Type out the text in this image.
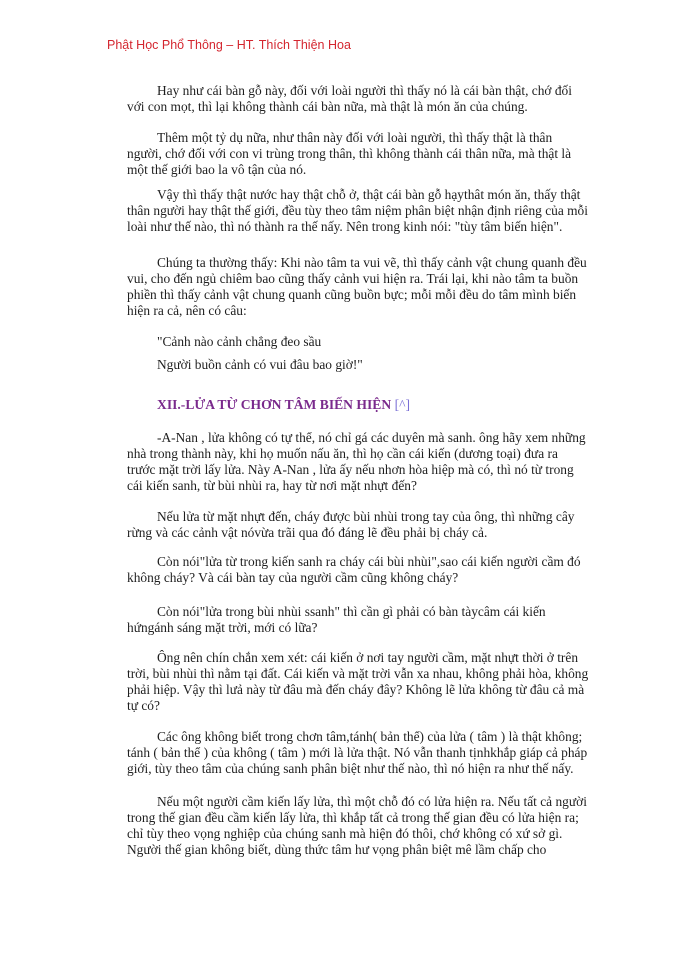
Phật Học Phổ Thông – HT. Thích Thiện Hoa
Hay như cái bàn gỗ này, đối với loài người thì thấy nó là cái bàn thật, chớ đối
với con mọt, thì lại không thành cái bàn nữa, mà thật là món ăn của chúng.
Thêm một tỷ dụ nữa, như thân này đối với loài người, thì thấy thật là thân
người, chớ đối với con vi trùng trong thân, thì không thành cái thân nữa, mà thật là
một thế giới bao la vô tận của nó.
Vậy thì thấy thật nước hay thật chỗ ở, thật cái bàn gỗ hạythât món ăn, thấy thật
thân người hay thật thế giới, đều tùy theo tâm niệm phân biệt nhận định riêng của mỗi
loài như thế nào, thì nó thành ra thế nấy. Nên trong kinh nói: "tùy tâm biến hiện".
Chúng ta thường thấy: Khi nào tâm ta vui vẽ, thì thấy cảnh vật chung quanh đều
vui, cho đến ngủ chiêm bao cũng thấy cảnh vui hiện ra. Trái lại, khi nào tâm ta buồn
phiền thì thấy cảnh vật chung quanh cũng buồn bực; mỗi mỗi đều do tâm mình biến
hiện ra cả, nên có câu:
"Cảnh nào cảnh chẳng đeo sầu
Người buồn cảnh có vui đâu bao giờ!"
XII.-LỬA TỪ CHƠN TÂM BIẾN HIỆN [^]
-A-Nan , lửa không có tự thể, nó chỉ gá các duyên mà sanh. ông hãy xem những
nhà trong thành này, khi họ muốn nấu ăn, thì họ cần cái kiến (dương toại) đưa ra
trước mặt trời lấy lửa. Này A-Nan , lửa ấy nếu nhơn hòa hiệp mà có, thì nó từ trong
cái kiến sanh, từ bùi nhùi ra, hay từ nơi mặt nhựt đến?
Nếu lửa từ mặt nhựt đến, cháy được bùi nhùi trong tay của ông, thì những cây
rừng và các cảnh vật nóvừa trãi qua đó đáng lẽ đều phải bị cháy cả.
Còn nói"lửa từ trong kiến sanh ra cháy cái bùi nhùi",sao cái kiến người cầm đó
không cháy? Và cái bàn tay của người cầm cũng không cháy?
Còn nói"lửa trong bùi nhùi ssanh" thì cần gì phải có bàn tàycâm cái kiến
hứngánh sáng mặt trời, mới có lữa?
Ông nên chín chắn xem xét: cái kiến ở nơi tay người cầm, mặt nhựt thời ở trên
trời, bùi nhùi thì nằm tại đất. Cái kiến và mặt trời vẫn xa nhau, không phải hòa, không
phải hiệp. Vậy thì lưả này từ đâu mà đến cháy đây? Không lẽ lửa không từ đâu cả mà
tự có?
Các ông không biết trong chơn tâm,tánh( bản thể) của lửa ( tâm ) là thật không;
tánh ( bản thể ) của không ( tâm ) mới là lửa thật. Nó vẫn thanh tịnhkhắp giáp cả pháp
giới, tùy theo tâm của chúng sanh phân biệt như thế nào, thì nó hiện ra như thế nấy.
Nếu một người cầm kiến lấy lửa, thì một chỗ đó có lửa hiện ra. Nếu tất cả người
trong thế gian đều cầm kiến lấy lửa, thì khắp tất cả trong thế gian đều có lửa hiện ra;
chỉ tùy theo vọng nghiệp của chúng sanh mà hiện đó thôi, chớ không có xứ sở gì.
Người thế gian không biết, dùng thức tâm hư vọng phân biệt mê lầm chấp cho
